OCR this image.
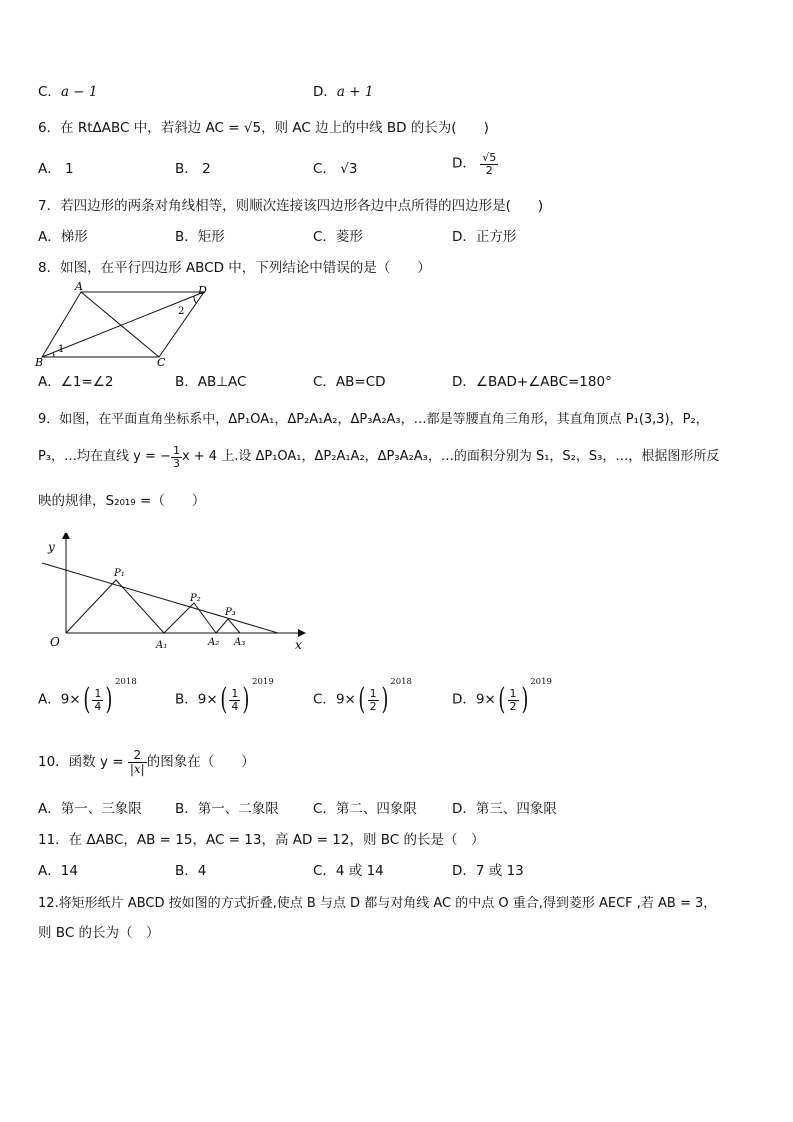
C．a − 1	D．a + 1
6．在 RtΔABC 中，若斜边 AC = √5，则 AC 边上的中线 BD 的长为(　　)
A． 1	B． 2	C． √3	D． $\frac{√5}{2}$
7．若四边形的两条对角线相等，则顺次连接该四边形各边中点所得的四边形是(　　)
A．梯形	B．矩形	C．菱形	D．正方形
8．如图，在平行四边形 ABCD 中，下列结论中错误的是（　　）
A	D
B	C
1
2
A．∠1=∠2	B．AB⊥AC	C．AB=CD	D．∠BAD+∠ABC=180°
9．如图，在平面直角坐标系中，ΔP₁OA₁，ΔP₂A₁A₂，ΔP₃A₂A₃，…都是等腰直角三角形，其直角顶点 P₁(3,3)，P₂，
P₃，…均在直线 y = − $\frac{1}{3}$ x + 4 上.设 ΔP₁OA₁，ΔP₂A₁A₂，ΔP₃A₂A₃，…的面积分别为 S₁，S₂，S₃，…，根据图形所反
映的规律，S₂₀₁₉ =（　　）
y
x
O
P₁
P₂
P₃
A₁	A₂ A₃
A．$9\times( \frac{1}{4}$ ) $^{2018}$
B．$9\times( \frac{1}{4}$ ) $^{2019}$
C．$9\times( \frac{1}{2}$ ) $^{2018}$
D．$9\times( \frac{1}{2}$ ) $^{2019}$
10．函数 $y = \frac{2}{|x|}$ 的图象在（　　）
A．第一、三象限 B．第一、二象限	C．第二、四象限	D．第三、四象限
11．在 ΔABC，AB = 15，AC = 13，高 AD = 12，则 BC 的长是（　）
A．14	B．4	C．4 或 14	D．7 或 13
12.将矩形纸片 ABCD 按如图的方式折叠,使点 B 与点 D 都与对角线 AC 的中点 O 重合,得到菱形 AECF ,若 AB = 3，
则 BC 的长为（　）
